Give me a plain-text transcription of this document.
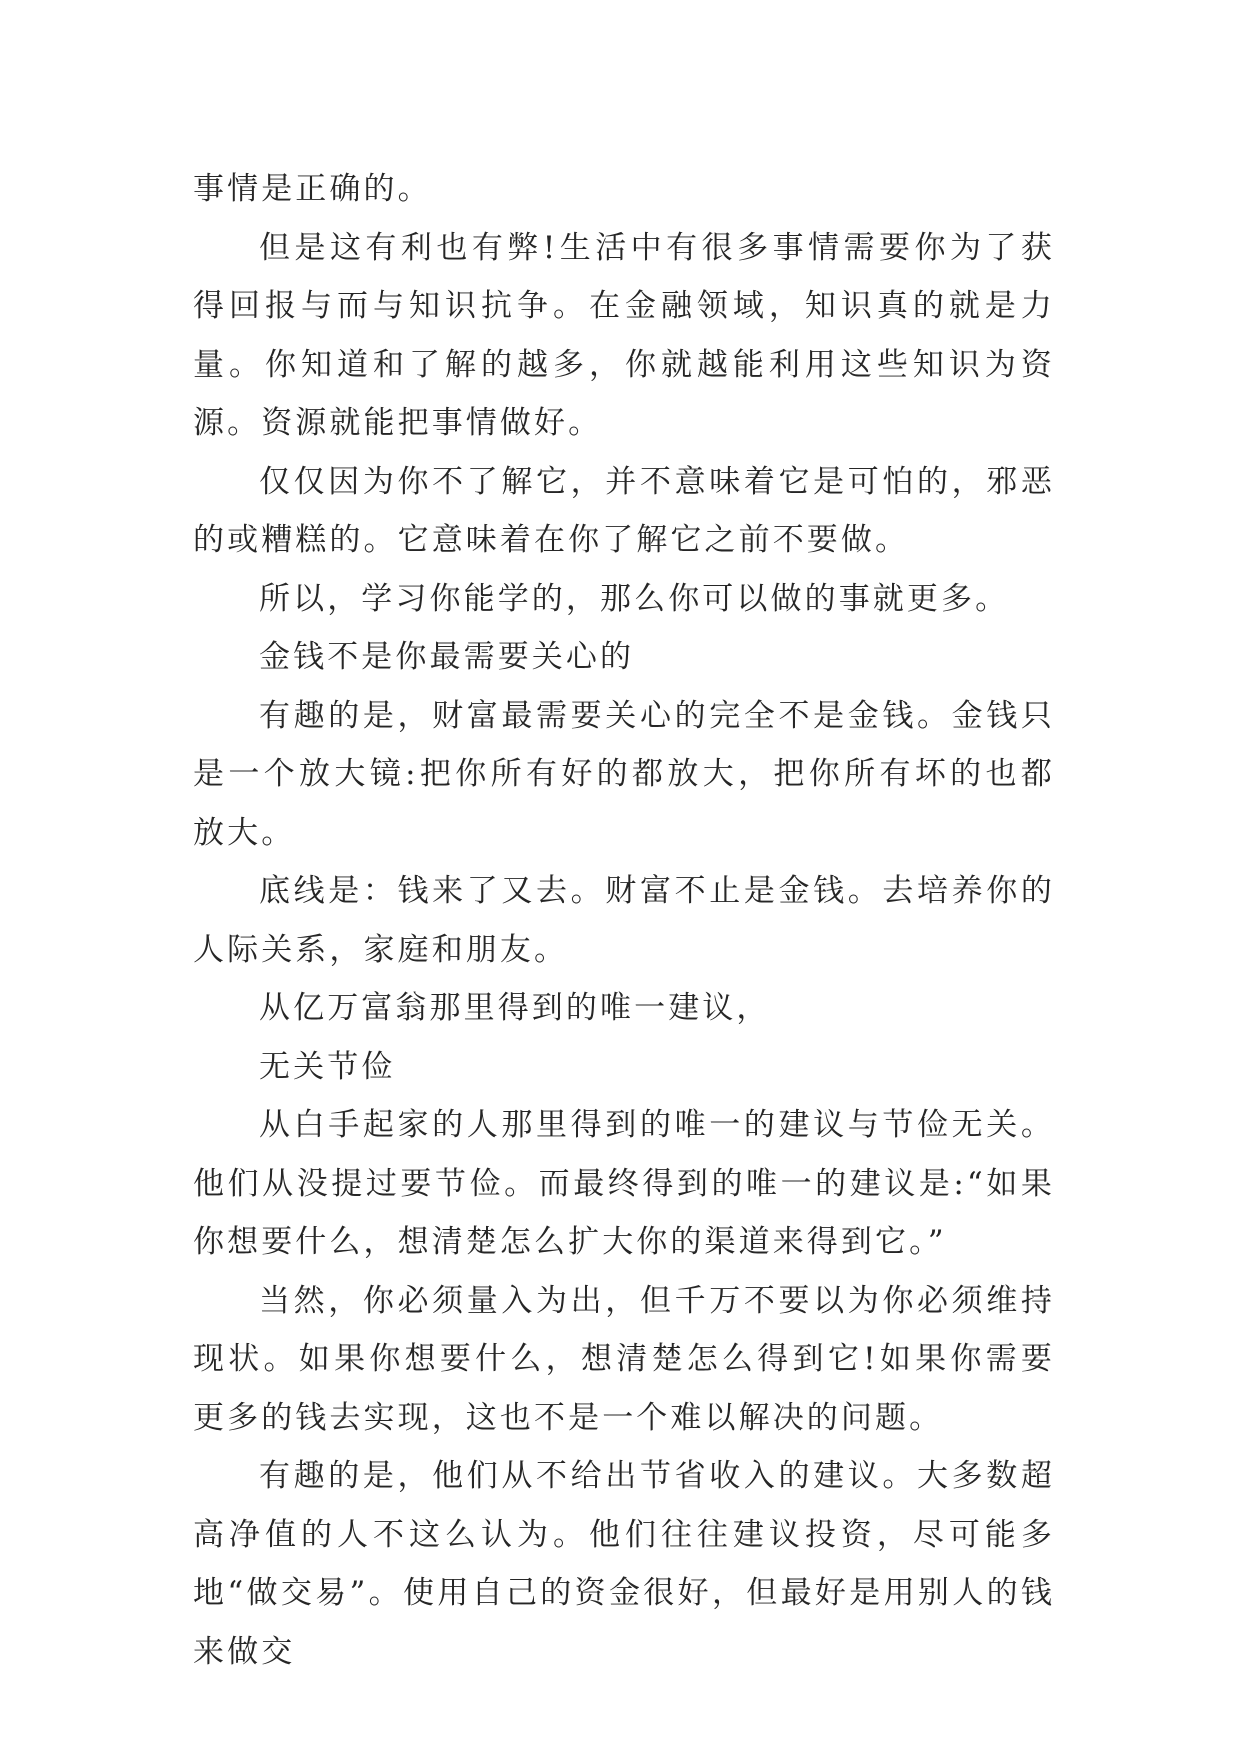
事情是正确的。

但是这有利也有弊!生活中有很多事情需要你为了获得回报与而与知识抗争。在金融领域，知识真的就是力量。你知道和了解的越多，你就越能利用这些知识为资源。资源就能把事情做好。

仅仅因为你不了解它，并不意味着它是可怕的，邪恶的或糟糕的。它意味着在你了解它之前不要做。

所以，学习你能学的，那么你可以做的事就更多。

金钱不是你最需要关心的

有趣的是，财富最需要关心的完全不是金钱。金钱只是一个放大镜:把你所有好的都放大，把你所有坏的也都放大。

底线是：钱来了又去。财富不止是金钱。去培养你的人际关系，家庭和朋友。

从亿万富翁那里得到的唯一建议，

无关节俭

从白手起家的人那里得到的唯一的建议与节俭无关。他们从没提过要节俭。而最终得到的唯一的建议是:“如果你想要什么，想清楚怎么扩大你的渠道来得到它。”

当然，你必须量入为出，但千万不要以为你必须维持现状。如果你想要什么，想清楚怎么得到它!如果你需要更多的钱去实现，这也不是一个难以解决的问题。

有趣的是，他们从不给出节省收入的建议。大多数超高净值的人不这么认为。他们往往建议投资，尽可能多地“做交易”。使用自己的资金很好，但最好是用别人的钱来做交
